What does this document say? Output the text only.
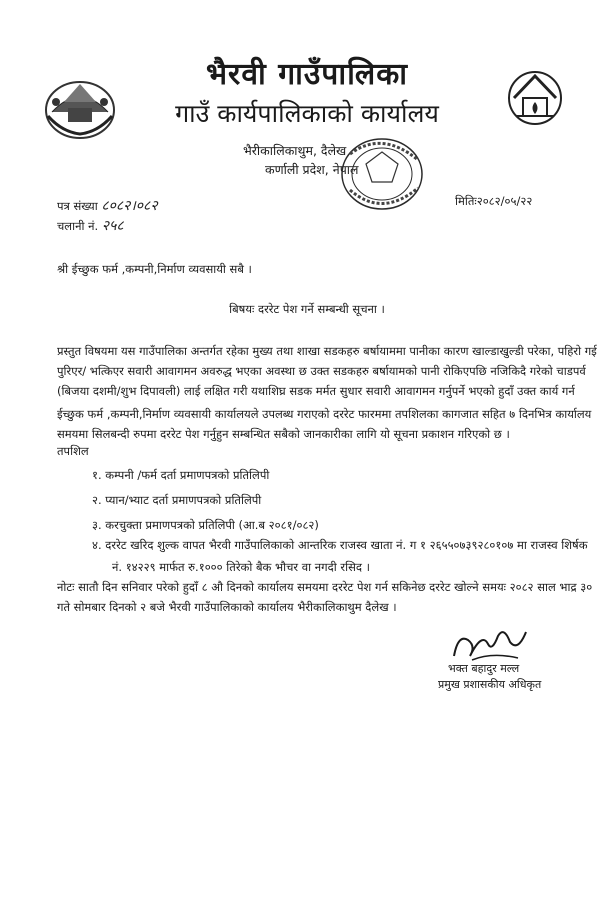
भैरवी गाउँपालिका
गाउँ कार्यपालिकाको कार्यालय
भैरीकालिकाथुम, दैलेख
कर्णाली प्रदेश, नेपाल
पत्र संख्या ८०८२।०८२
चलानी नं. २५८
मितिः२०८२/०५/२२
श्री ईच्छुक फर्म ,कम्पनी,निर्माण व्यवसायी सबै ।
बिषयः दररेट पेश गर्ने सम्बन्धी सूचना ।
प्रस्तुत विषयमा यस गाउँपालिका अन्तर्गत रहेका मुख्य तथा शाखा सडकहरु बर्षायाममा पानीका कारण खाल्डाखुल्डी परेका, पहिरो गई
पुरिएर/ भत्किएर सवारी आवागमन अवरुद्ध भएका अवस्था छ उक्त सडकहरु बर्षायामको पानी रोकिएपछि नजिकिदै गरेको चाडपर्व
(बिजया दशमी/शुभ दिपावली) लाई लक्षित गरी यथाशिघ्र सडक मर्मत सुधार सवारी आवागमन गर्नुपर्ने भएको हुदाँ उक्त कार्य गर्न
ईच्छुक फर्म ,कम्पनी,निर्माण व्यवसायी कार्यालयले उपलब्ध गराएको दररेट फारममा तपशिलका कागजात सहित ७ दिनभित्र कार्यालय
समयमा सिलबन्दी रुपमा दररेट पेश गर्नुहुन सम्बन्धित सबैको जानकारीका लागि यो सूचना प्रकाशन गरिएको छ ।
तपशिल
१. कम्पनी /फर्म दर्ता प्रमाणपत्रको प्रतिलिपी
२. प्यान/भ्याट दर्ता प्रमाणपत्रको प्रतिलिपी
३. करचुक्ता प्रमाणपत्रको प्रतिलिपी (आ.ब २०८१/०८२)
४. दररेट खरिद शुल्क वापत भैरवी गाउँपालिकाको आन्तरिक राजस्व खाता नं. ग १ २६५५०७३९२८०१०७ मा राजस्व शिर्षक
नं. १४२२९ मार्फत रु.१००० तिरेको बैक भौचर वा नगदी रसिद ।
नोटः सातौ दिन सनिवार परेको हुदाँ ८ औ दिनको कार्यालय समयमा दररेट पेश गर्न सकिनेछ दररेट खोल्ने समयः २०८२ साल भाद्र ३०
गते सोमबार दिनको २ बजे भैरवी गाउँपालिकाको कार्यालय भैरीकालिकाथुम दैलेख ।
भक्त बहादुर मल्ल
प्रमुख प्रशासकीय अधिकृत
